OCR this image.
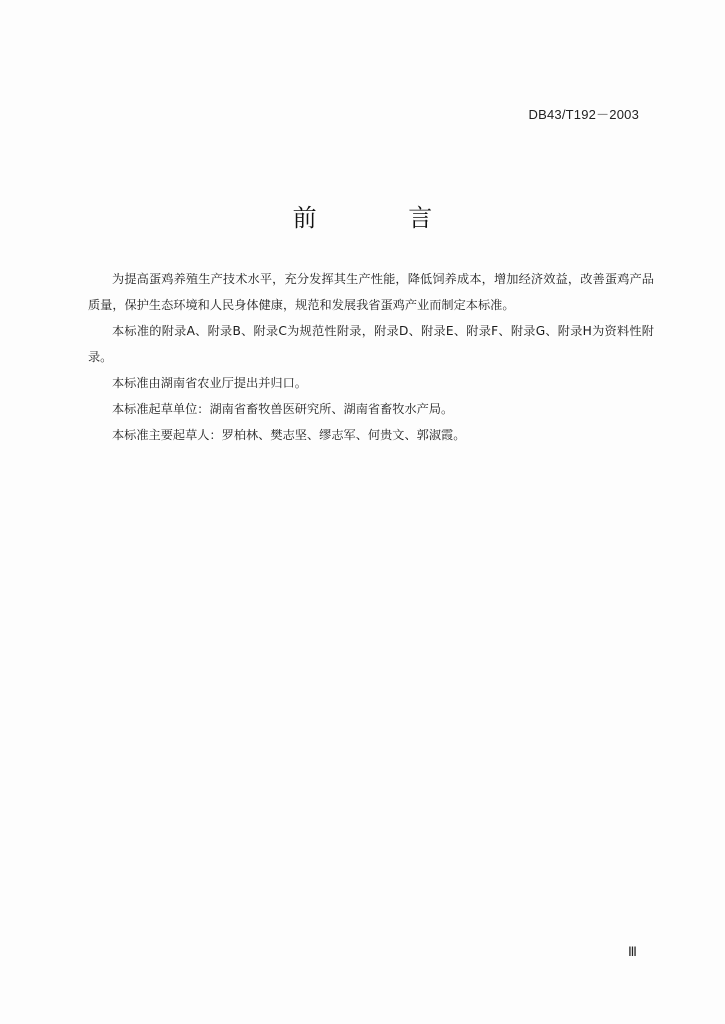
DB43/T192－2003
前 言

为提高蛋鸡养殖生产技术水平，充分发挥其生产性能，降低饲养成本，增加经济效益，改善蛋鸡产品质量，保护生态环境和人民身体健康，规范和发展我省蛋鸡产业而制定本标准。

本标准的附录A、附录B、附录C为规范性附录，附录D、附录E、附录F、附录G、附录H为资料性附录。

本标准由湖南省农业厅提出并归口。

本标准起草单位：湖南省畜牧兽医研究所、湖南省畜牧水产局。

本标准主要起草人：罗柏林、樊志坚、缪志军、何贵文、郭淑霞。

Ⅲ
